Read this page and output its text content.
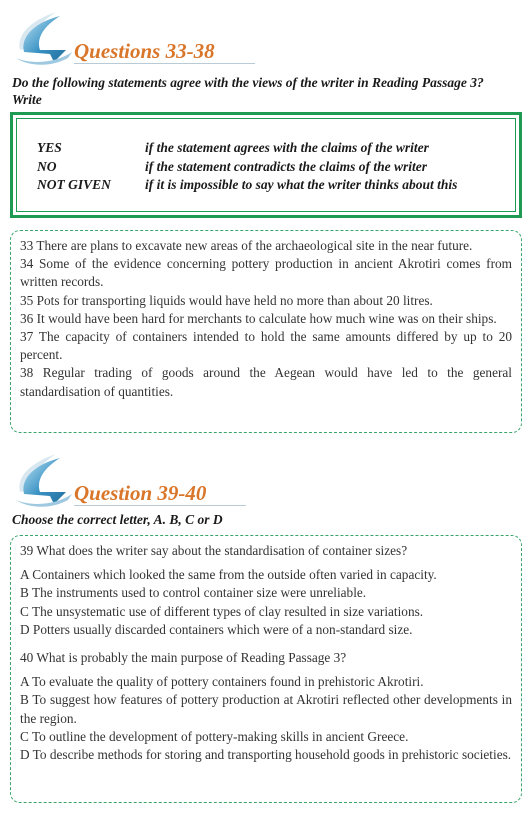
Questions 33-38
Do the following statements agree with the views of the writer in Reading Passage 3?
Write
YES	if the statement agrees with the claims of the writer
NO	if the statement contradicts the claims of the writer
NOT GIVEN	if it is impossible to say what the writer thinks about this

33 There are plans to excavate new areas of the archaeological site in the near future.

34 Some of the evidence concerning pottery production in ancient Akrotiri comes from written records.

35 Pots for transporting liquids would have held no more than about 20 litres.

36 It would have been hard for merchants to calculate how much wine was on their ships.

37 The capacity of containers intended to hold the same amounts differed by up to 20 percent.

38 Regular trading of goods around the Aegean would have led to the general standardisation of quantities.

Question 39-40
Choose the correct letter, A. B, C or D

39 What does the writer say about the standardisation of container sizes?

A Containers which looked the same from the outside often varied in capacity.

B The instruments used to control container size were unreliable.

C The unsystematic use of different types of clay resulted in size variations.

D Potters usually discarded containers which were of a non-standard size.

40 What is probably the main purpose of Reading Passage 3?

A To evaluate the quality of pottery containers found in prehistoric Akrotiri.

B To suggest how features of pottery production at Akrotiri reflected other developments in the region.

C To outline the development of pottery-making skills in ancient Greece.

D To describe methods for storing and transporting household goods in prehistoric societies.
